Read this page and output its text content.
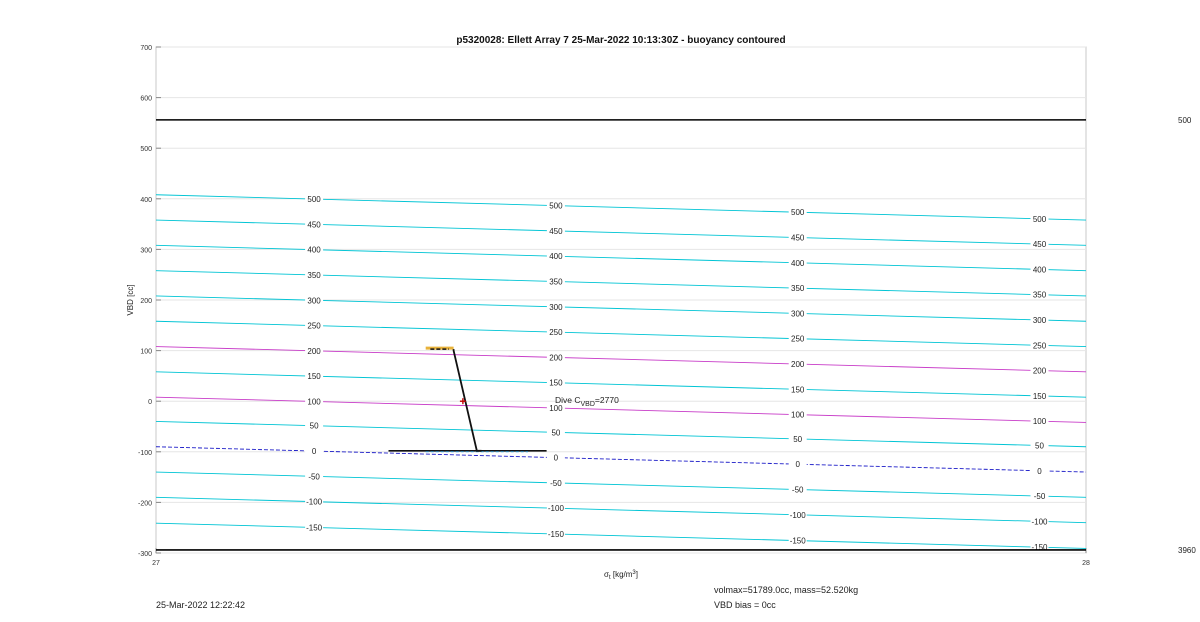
-300
-200
-100
0
100
200
300
400
500
600
700
27	28
-150
-150
-150
-150
-100
-100
-100
-100
-50
-50
-50
-50
0
0
0
0
50
50
50
50
100
100
100
100
150
150
150
150
200
200
200
200
250
250
250
250
300
300
300
300
350
350
350
350
400
400
400
400
450
450
450
450
500
500
500
500
500
3960
Dive $C_{VBD}=2770$
p5320028: Ellett Array 7 25-Mar-2022 10:13:30Z - buoyancy contoured
$\sigma_t$ $[kg/m^3]$
VBD [cc]
25-Mar-2022 12:22:42
volmax=51789.0cc, mass=52.520kg
VBD bias = 0cc
